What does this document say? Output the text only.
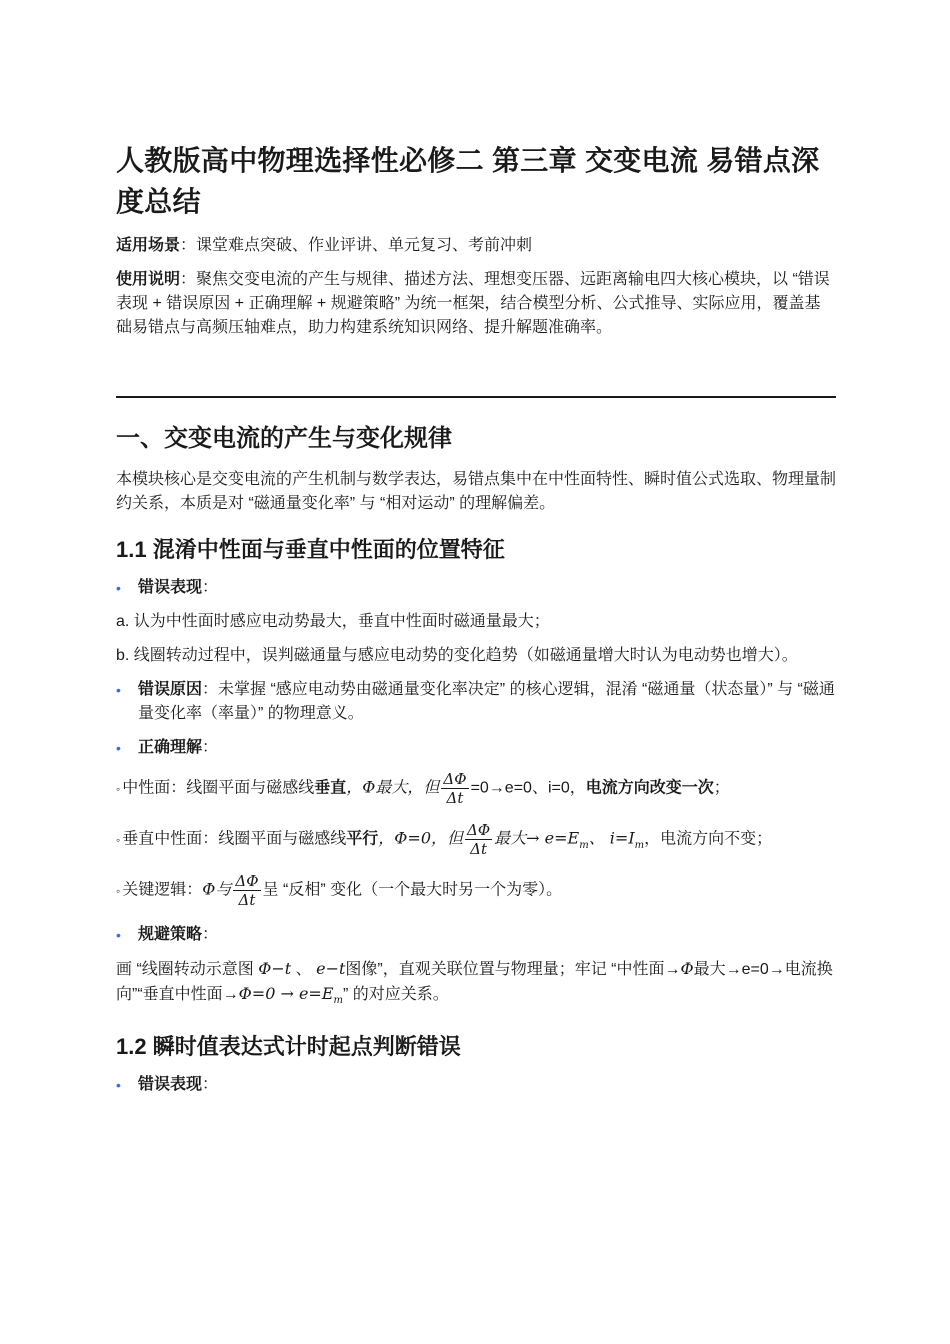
人教版高中物理选择性必修二 第三章 交变电流 易错点深度总结

适用场景：课堂难点突破、作业评讲、单元复习、考前冲刺

使用说明：聚焦交变电流的产生与规律、描述方法、理想变压器、远距离输电四大核心模块，以 “错误表现 + 错误原因 + 正确理解 + 规避策略” 为统一框架，结合模型分析、公式推导、实际应用，覆盖基础易错点与高频压轴难点，助力构建系统知识网络、提升解题准确率。

一、交变电流的产生与变化规律

本模块核心是交变电流的产生机制与数学表达，易错点集中在中性面特性、瞬时值公式选取、物理量制约关系，本质是对 “磁通量变化率” 与 “相对运动” 的理解偏差。

1.1 混淆中性面与垂直中性面的位置特征
• 错误表现：

a. 认为中性面时感应电动势最大，垂直中性面时磁通量最大；

b. 线圈转动过程中，误判磁通量与感应电动势的变化趋势（如磁通量增大时认为电动势也增大）。

• 错误原因：未掌握 “感应电动势由磁通量变化率决定” 的核心逻辑，混淆 “磁通量（状态量）” 与 “磁通量变化率（率量）” 的物理意义。
• 正确理解：
◦ 中性面：线圈平面与磁感线垂直，Φ最大，但 $\frac{\Delta\Phi}{\Delta t} =0\to e=0$、i=0，电流方向改变一次；
◦ 垂直中性面：线圈平面与磁感线平行，Φ=0，但 $\frac{\Delta\Phi}{\Delta t}$ 最大→ $e=E_m$、 $i=I_m$，电流方向不变；
◦ 关键逻辑：Φ与 $\frac{\Delta\Phi}{\Delta t}$ 呈 “反相” 变化（一个最大时另一个为零）。
• 规避策略：

画 “线圈转动示意图 Φ−t 、 e−t图像”，直观关联位置与物理量；牢记 “中性面→Φ最大→e=0→电流换向”“垂直中性面$\to\Phi=0 \to e=E_m$” 的对应关系。

1.2 瞬时值表达式计时起点判断错误
• 错误表现：
